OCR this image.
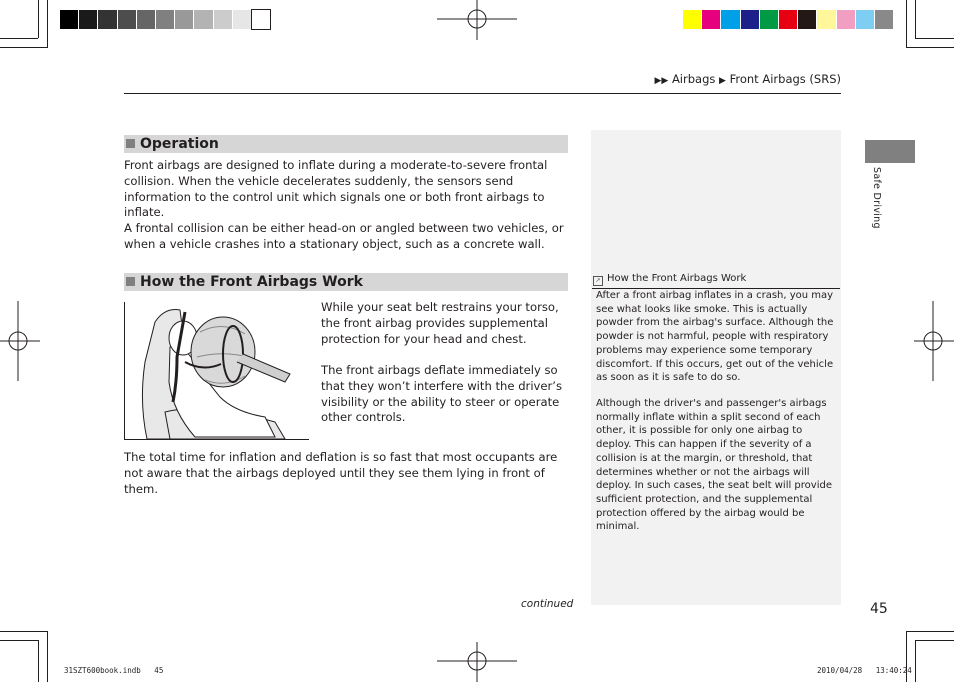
▶▶ Airbags ▶ Front Airbags (SRS)
Operation

Front airbags are designed to inflate during a moderate-to-severe frontal collision. When the vehicle decelerates suddenly, the sensors send information to the control unit which signals one or both front airbags to inflate.

A frontal collision can be either head-on or angled between two vehicles, or when a vehicle crashes into a stationary object, such as a concrete wall.

How the Front Airbags Work

While your seat belt restrains your torso, the front airbag provides supplemental protection for your head and chest.

The front airbags deflate immediately so that they won’t interfere with the driver’s visibility or the ability to steer or operate other controls.

The total time for inflation and deflation is so fast that most occupants are not aware that the airbags deployed until they see them lying in front of them.

continued
↗ How the Front Airbags Work

After a front airbag inflates in a crash, you may see what looks like smoke. This is actually powder from the airbag's surface. Although the powder is not harmful, people with respiratory problems may experience some temporary discomfort. If this occurs, get out of the vehicle as soon as it is safe to do so.

Although the driver's and passenger's airbags normally inflate within a split second of each other, it is possible for only one airbag to deploy. This can happen if the severity of a collision is at the margin, or threshold, that determines whether or not the airbags will deploy. In such cases, the seat belt will provide sufficient protection, and the supplemental protection offered by the airbag would be minimal.

Safe Driving
45
31SZT600book.indb   45	2010/04/28   13:40:24
